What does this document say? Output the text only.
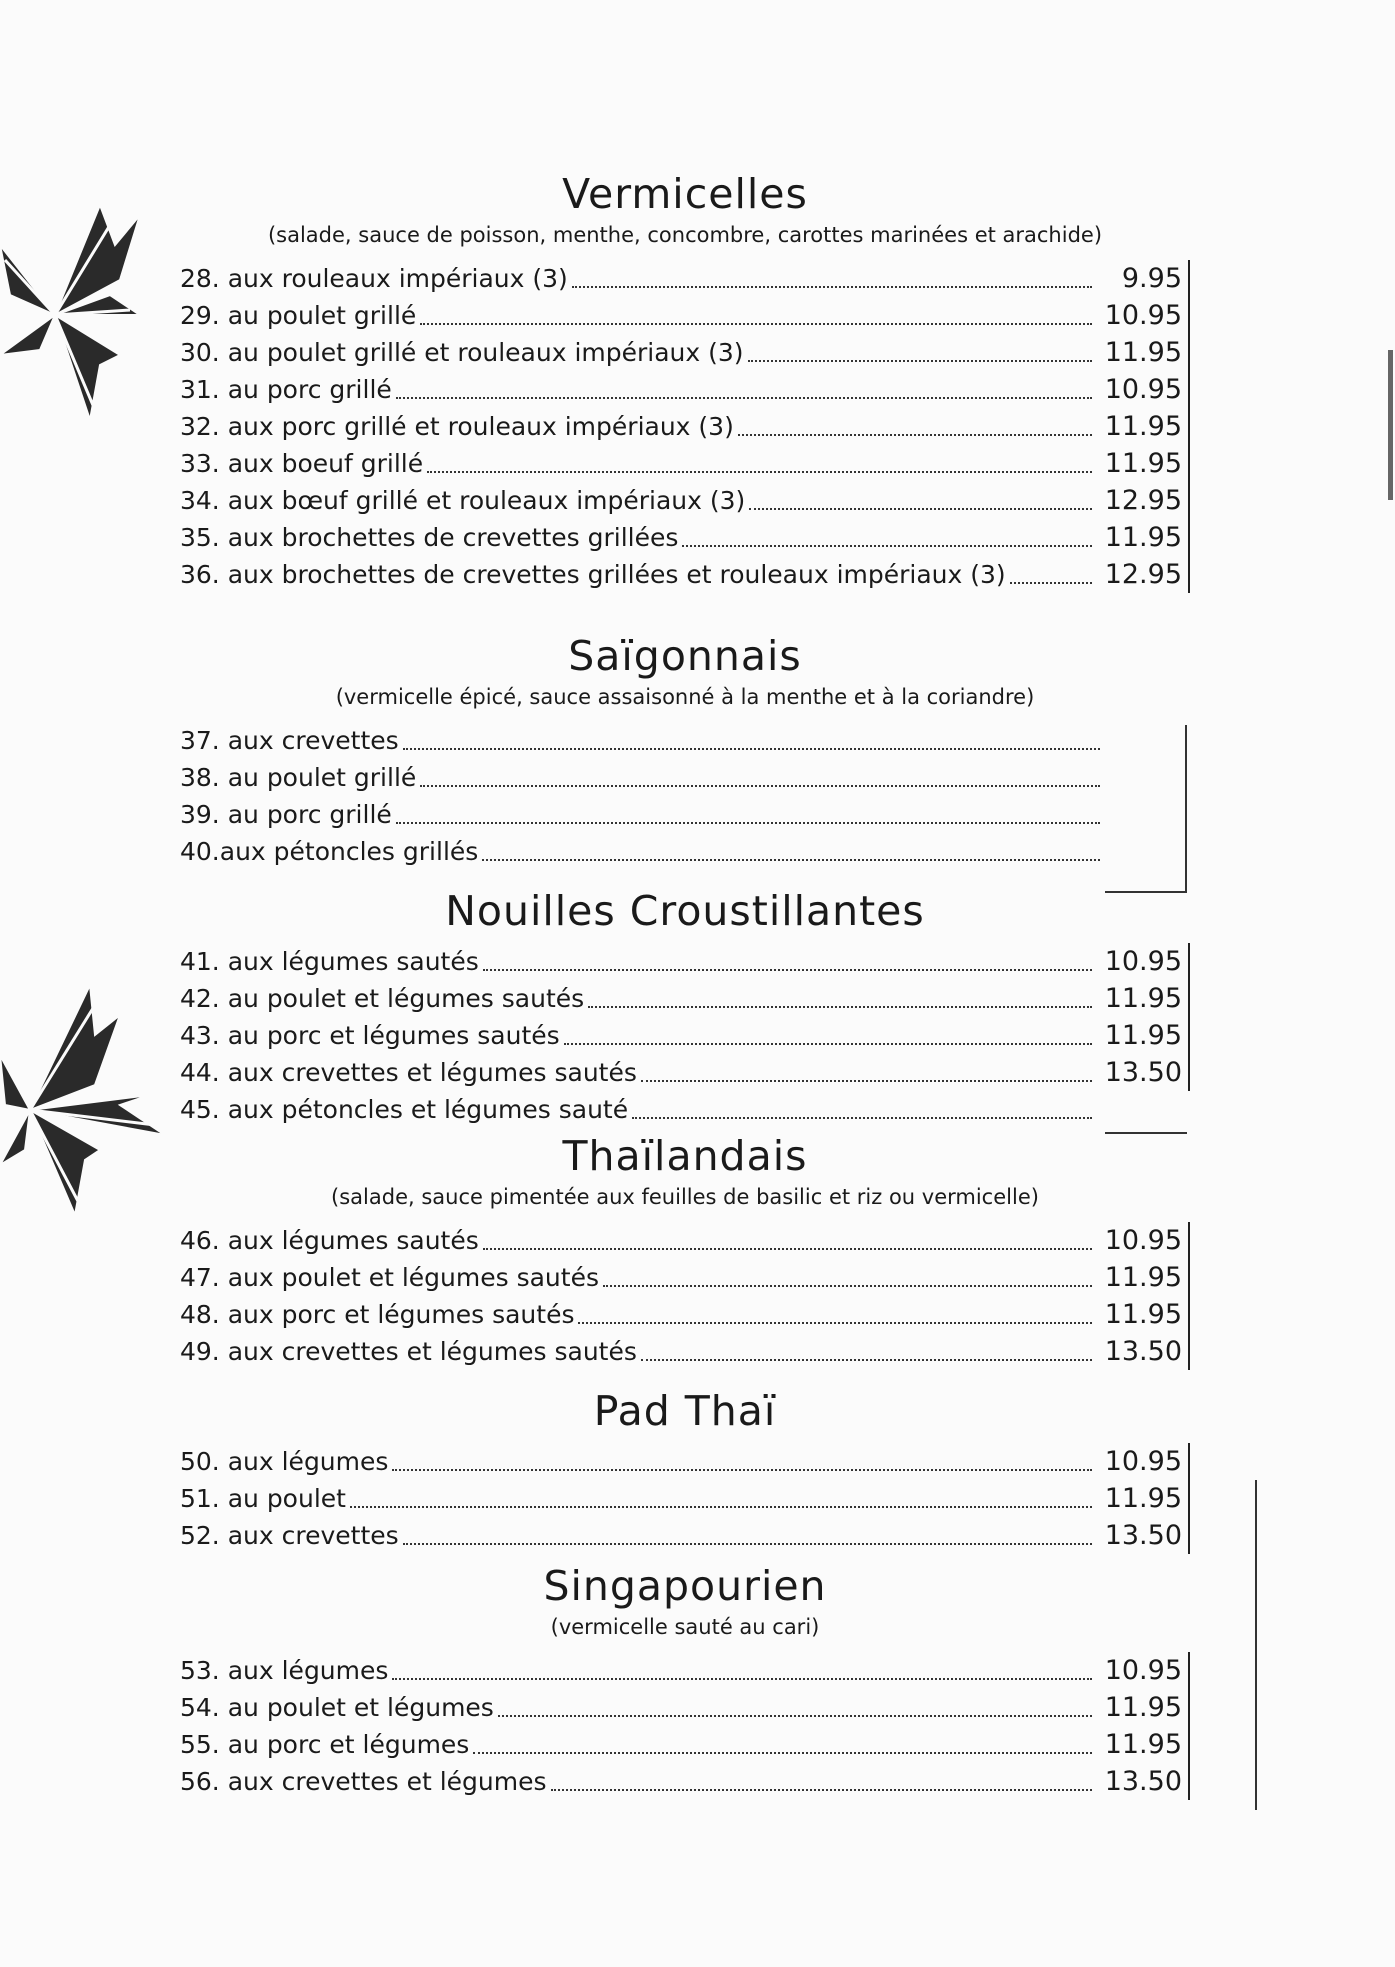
Vermicelles
(salade, sauce de poisson, menthe, concombre, carottes marinées et arachide)
28. aux rouleaux impériaux (3)	9.95
29. au poulet grillé	10.95
30. au poulet grillé et rouleaux impériaux (3)	11.95
31. au porc grillé	10.95
32. aux porc grillé et rouleaux impériaux (3)	11.95
33. aux boeuf grillé	11.95
34. aux bœuf grillé et rouleaux impériaux (3)	12.95
35. aux brochettes de crevettes grillées	11.95
36. aux brochettes de crevettes grillées et rouleaux impériaux (3)	12.95
Saïgonnais
(vermicelle épicé, sauce assaisonné à la menthe et à la coriandre)
37. aux crevettes
38. au poulet grillé
39. au porc grillé
40.aux pétoncles grillés
Nouilles Croustillantes
41. aux légumes sautés	10.95
42. au poulet et légumes sautés	11.95
43. au porc et légumes sautés	11.95
44. aux crevettes et légumes sautés	13.50
45. aux pétoncles et légumes sauté
Thaïlandais
(salade, sauce pimentée aux feuilles de basilic et riz ou vermicelle)
46. aux légumes sautés	10.95
47. aux poulet et légumes sautés	11.95
48. aux porc et légumes sautés	11.95
49. aux crevettes et légumes sautés	13.50
Pad Thaï
50. aux légumes	10.95
51. au poulet	11.95
52. aux crevettes	13.50
Singapourien
(vermicelle sauté au cari)
53. aux légumes	10.95
54. au poulet et légumes	11.95
55. au porc et légumes	11.95
56. aux crevettes et légumes	13.50
